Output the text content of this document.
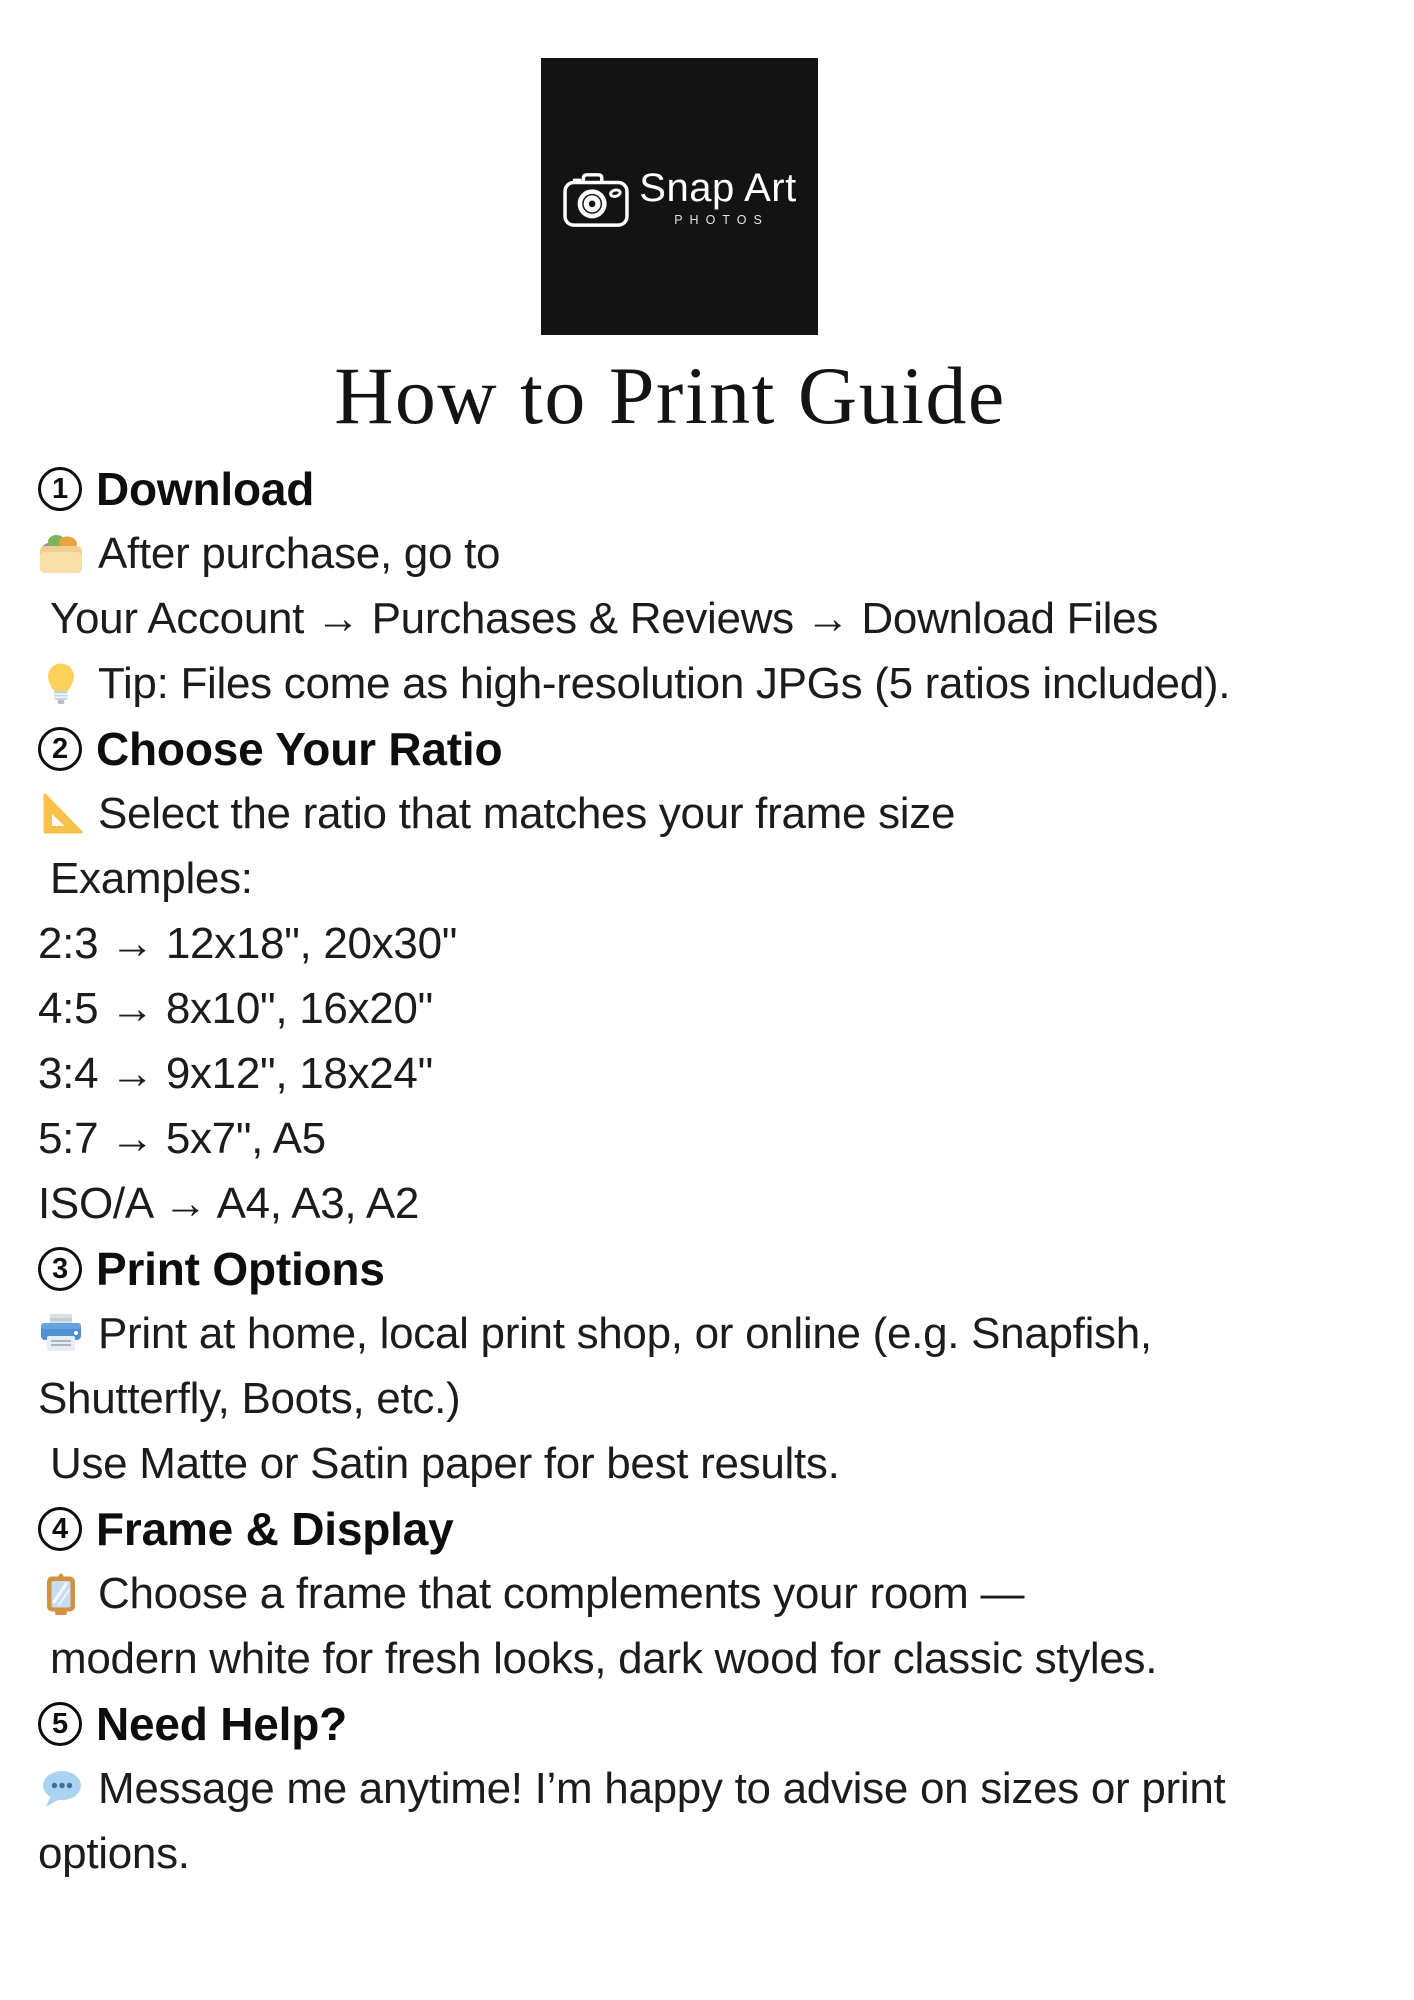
Snap Art
PHOTOS
How to Print Guide
1 Download
After purchase, go to
Your Account → Purchases & Reviews → Download Files
Tip: Files come as high-resolution JPGs (5 ratios included).
2 Choose Your Ratio
Select the ratio that matches your frame size
Examples:
2:3 → 12x18", 20x30"
4:5 → 8x10", 16x20"
3:4 → 9x12", 18x24"
5:7 → 5x7", A5
ISO/A → A4, A3, A2
3 Print Options
Print at home, local print shop, or online (e.g. Snapfish,
Shutterfly, Boots, etc.)
Use Matte or Satin paper for best results.
4 Frame & Display
Choose a frame that complements your room —
modern white for fresh looks, dark wood for classic styles.
5 Need Help?
Message me anytime! I’m happy to advise on sizes or print
options.
